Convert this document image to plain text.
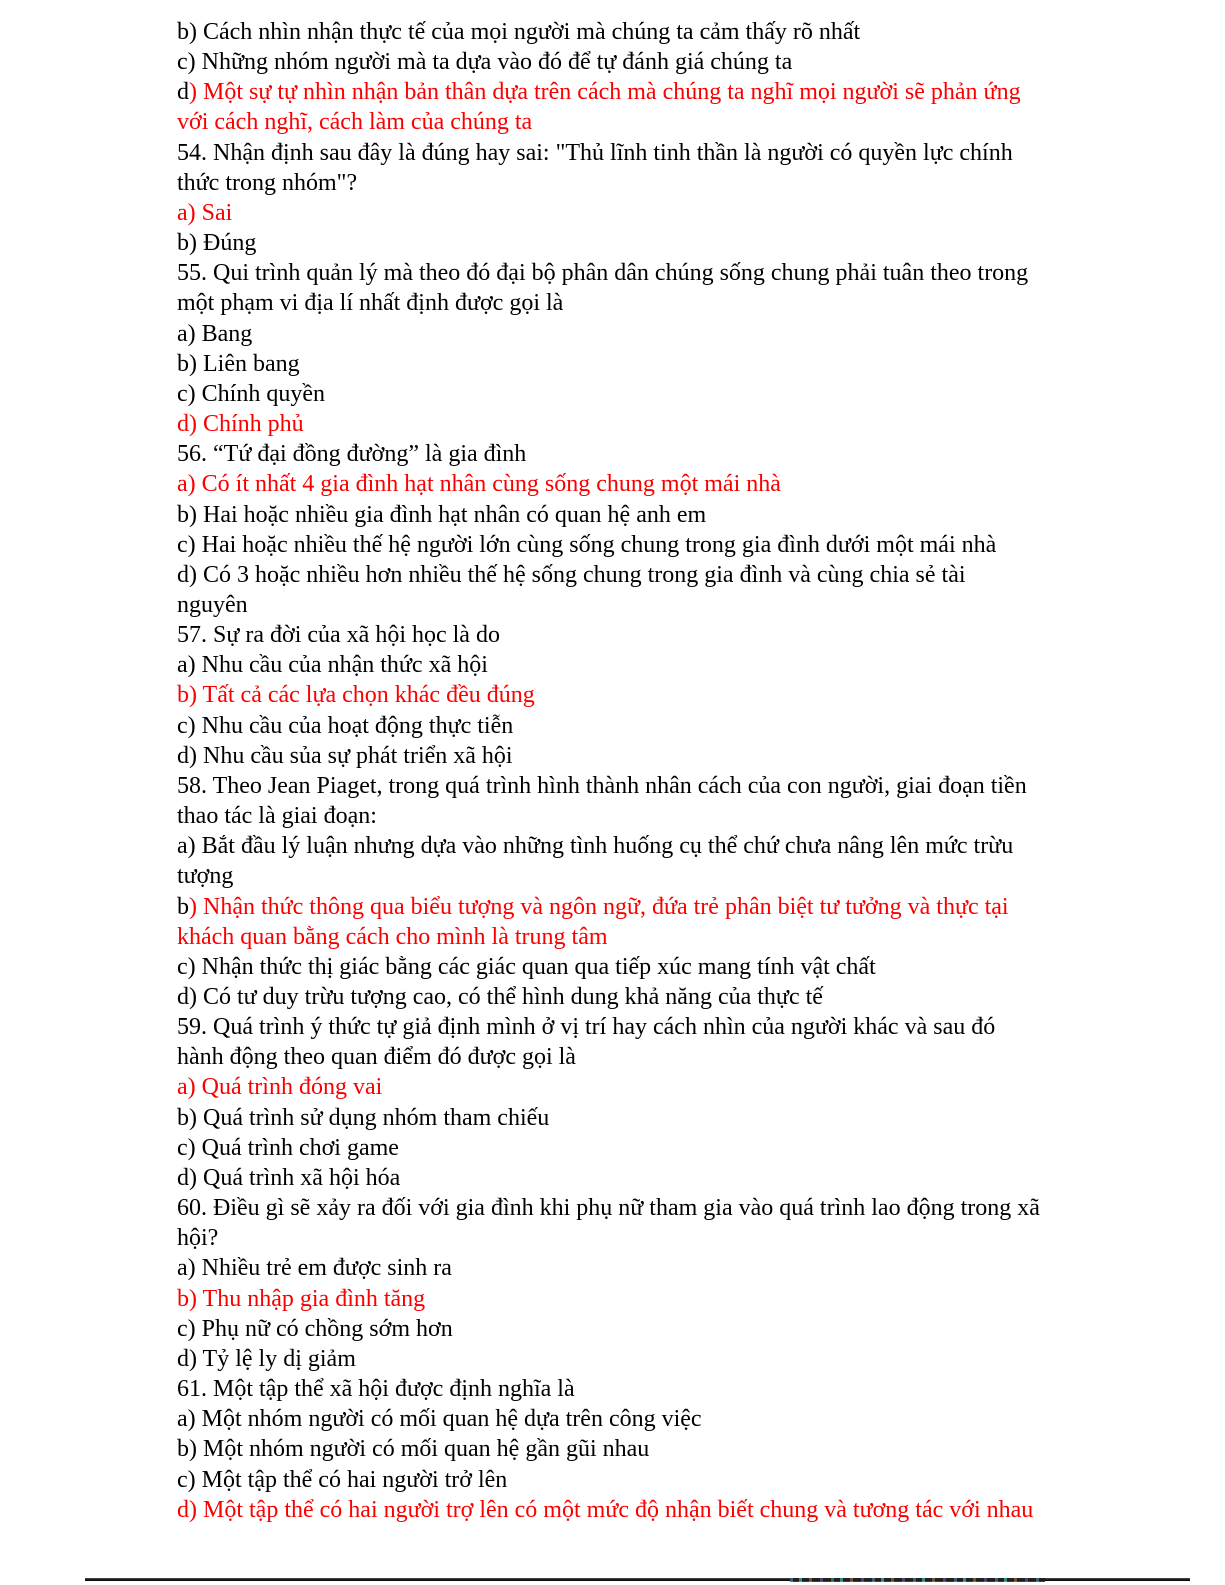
b) Cách nhìn nhận thực tế của mọi người mà chúng ta cảm thấy rõ nhất
c) Những nhóm người mà ta dựa vào đó để tự đánh giá chúng ta
d) Một sự tự nhìn nhận bản thân dựa trên cách mà chúng ta nghĩ mọi người sẽ phản ứng
với cách nghĩ, cách làm của chúng ta
54. Nhận định sau đây là đúng hay sai: "Thủ lĩnh tinh thần là người có quyền lực chính
thức trong nhóm"?
a) Sai
b) Đúng
55. Qui trình quản lý mà theo đó đại bộ phân dân chúng sống chung phải tuân theo trong
một phạm vi địa lí nhất định được gọi là
a) Bang
b) Liên bang
c) Chính quyền
d) Chính phủ
56. “Tứ đại đồng đường” là gia đình
a) Có ít nhất 4 gia đình hạt nhân cùng sống chung một mái nhà
b) Hai hoặc nhiều gia đình hạt nhân có quan hệ anh em
c) Hai hoặc nhiều thế hệ người lớn cùng sống chung trong gia đình dưới một mái nhà
d) Có 3 hoặc nhiều hơn nhiều thế hệ sống chung trong gia đình và cùng chia sẻ tài
nguyên
57. Sự ra đời của xã hội học là do
a) Nhu cầu của nhận thức xã hội
b) Tất cả các lựa chọn khác đều đúng
c) Nhu cầu của hoạt động thực tiễn
d) Nhu cầu sủa sự phát triển xã hội
58. Theo Jean Piaget, trong quá trình hình thành nhân cách của con người, giai đoạn tiền
thao tác là giai đoạn:
a) Bắt đầu lý luận nhưng dựa vào những tình huống cụ thể chứ chưa nâng lên mức trừu
tượng
b) Nhận thức thông qua biểu tượng và ngôn ngữ, đứa trẻ phân biệt tư tưởng và thực tại
khách quan bằng cách cho mình là trung tâm
c) Nhận thức thị giác bằng các giác quan qua tiếp xúc mang tính vật chất
d) Có tư duy trừu tượng cao, có thể hình dung khả năng của thực tế
59. Quá trình ý thức tự giả định mình ở vị trí hay cách nhìn của người khác và sau đó
hành động theo quan điểm đó được gọi là
a) Quá trình đóng vai
b) Quá trình sử dụng nhóm tham chiếu
c) Quá trình chơi game
d) Quá trình xã hội hóa
60. Điều gì sẽ xảy ra đối với gia đình khi phụ nữ tham gia vào quá trình lao động trong xã
hội?
a) Nhiều trẻ em được sinh ra
b) Thu nhập gia đình tăng
c) Phụ nữ có chồng sớm hơn
d) Tỷ lệ ly dị giảm
61. Một tập thể xã hội được định nghĩa là
a) Một nhóm người có mối quan hệ dựa trên công việc
b) Một nhóm người có mối quan hệ gần gũi nhau
c) Một tập thể có hai người trở lên
d) Một tập thể có hai người trợ lên có một mức độ nhận biết chung và tương tác với nhau
